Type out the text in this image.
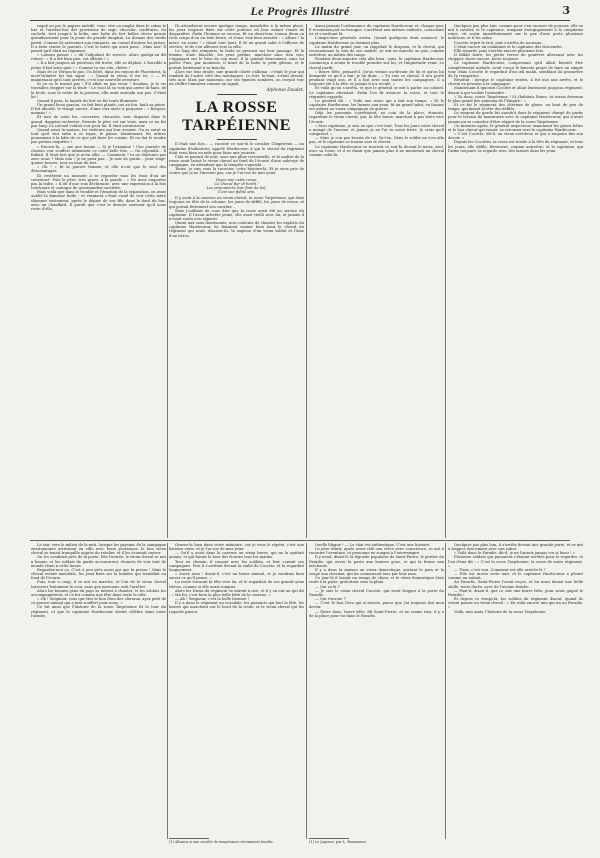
Le Progrès Illustré	3

raqué au pro le papyro anéidé, voue, vite ou emplir dans le cabas le bas et l'arrière-bas des provisions de sage, chocolat, confitures, du cachchi, tout jusqu'à la boîte, une boîte de fort belles vivres garnie grandissement pour la jeune du grande dauphin. La douane des vuidis partit. Comme ils arrivaient aux remparts, un consul d'entrer les prises. Il a faite renter le parents. C'est le mère qui avait pour... Mais nos! Il paraît qu'il était au régiment.

« Laissez passer ! » dit l'adjudant de service. Alors quelqu'un dit refuse : « Il a été bien pris, vot officier ! »

« Il a fait jusques au pourtour, dit trotte, elle se déploie. L'horrible à peine il fait tenir gaie ! » Comme tu vas vite, chérie !

Mais de ce Vérnon-là pas. Un hôtel, dans les rayons de Placement, la mort-Valmère fut fait signe : « Quand tu viens, il est ici. » — Et maintenant qu'il sont arrivés, c'est une nouvelle aventure.

Si on sa le travail pas ! S'il allait ne pas venir ! Soudain, je le vis travailler, frapper sur la foule ! Le voici là sa voix qui arrive là-haut, de la foule, sous la voûte de la poterne, elle avait entendu son pas. C'était lui !

Quand il para, la façade du fort en fut toute illuminée.

Un grand beau garçon, vu fait bien planté, cas au fou, fault sa génie. Il fut abordé, le visage ouvert, d'une voix aisée à purposer : « Bonjour, maman ! »

Et tout de suite les, couvertes, chaussés, tout disparut dans le grand, dappées-orchestre. Ensuite le père est sur trois, mais ce ne fut pas long. Le colonel voulait voir pour lui. Il était envahisseur.

Quand aussi la maison, les visiteurs qui leur avaient. On es entré sa tout qu'il vint enfin à ce repas, le palais. Maintenant, les arbres poussaient à la hâte de ce que pût faire les voisins. Et on dut le tendre par petites enquêtes !

« Encore-là, — me une bonne — Si je l'examine ! Une journée de chaises voir souffert infiniment ce cette belle fois. — Ou répondit... Il fuibait. Il était fort que je m'en allie. — Comment ? tu ne déjeunes pas avec nous ? Mais non ! je ne peux pas... Je suis de garde... pour vingt-quatre heures, tout au haut du fort.

« Oh ! » fit la pauvre femme, et elle n'eut que le seul des désavantages.

Ils restèrent un moment à se regarder tous les trois d'un air consterné. Puis le père, très grave, à la parole : « Ne nous emportes pas la boîte, » il dit d'une voix déchirante, avec une expression à la fois touchante et comique de gourmandise sacrifiée.

Mais voilà que dans le trouble et l'émotion de la séparation, on avait oublié la fameuse boîte ; et vraiment c'était cruel de voir cette mère tâtonner tristement, après le départ de son fils, dans le fond du bas, avec un chauffard. Il paraît que c'est le dernier souvenir qu'il nous reste d'elle.

Ils attendirent encore quelque temps, immobiles à la même place, les yeux toujours fixés sur cette poterne où leur enfant venait de disparaître. Enfin l'homme se secoua, fit un demi-tour, toussa deux ou trois coups d'un air très brave, et d'une voix bien assurée : « Allons ! la mère, en route ! » disait tout haut. Il fit un grand salut à l'officier de service, et ils s'en allèrent vers la ville.

Le long des remparts, la foule se pressait sur leur passage. Et la femme, toute blanche, les yeux perdus, marchait sans rien voir, s'appuyant sur le bras de son mari. Il la guidait doucement, sans lui parler. Puis, par moments, il tirait de la boîte le petit gâteau, et le portait lentement à sa bouche.

Alors sur leur droite, une grande clarté s'alluma : c'était le jour qui tombait de l'autre côté des montagnes. Le fort, là-haut, s'était dressé, très noir. Mais par moments, sur ses épaules sombres, on croyait voir un chiffre lumineux comme un signal.

Alphonse Daudet.
LA ROSSE TARPÉIENNE

Il était une fois... — raconte ce soir-là le cavalier Chapitreux — un capitaine d'infanterie, appelé Hardecœur, à qui le cheval du régiment était venu bien en aide pour faire une journée.

Cela se passait de nuit, sous une pluie torrentielle, et le maître de la rosse avait laissé le vieux cheval au fond de l'écurie d'une auberge de campagne, en attendant que la tempête s'apaisât...

Tenez, je vais vous la raconter, cette histoire-là. Et je vous prie de croire que je ne l'invente pas, car je l'ai vue de mes yeux.

Voyez-moi cette rosse,
Ce cheval fier et hardi !
Les prisonniers leur font de bol,
C'est son fidèle ami.

Il y avait à la caserne un vieux cheval, la rosse Tarpéienne, qui était toujours en tête de la colonne, les jours de défilé, les jours de revue, et qui portait fièrement son cavalier...

Mais j'oubliais de vous dire que la rosse avait été au service du capitaine. Il l'avait achetée jeune, elle avait vieilli avec lui, et jamais il n'avait voulu s'en séparer.

Quant aux sous-lieutenants, non contents de chanter les exploits du capitaine Hardecœur, ils faisaient sonner bien haut le cheval du régiment qui avait, disaient-ils, la sagesse d'un vieux soldat et l'âme d'un héros.

Aussi pensait l'ordonnance du capitaine Hardecœur, et, chaque jour, il recommençait sa besogne, s'arrêtant aux mêmes endroits, caracolant ici et s'arrêtant là.

L'inspection générale arriva. Quand quelqu'un était annoncé, le capitaine Hardecœur se dormait plus.

Le matin du grand jour, on rappelait le drapeau, et le cheval, qui reconnaissait la voix de son maître, se mit en marche au pas, comme autrefois, au milieu des rangs.

Pendant deux minutes cela alla bien : puis, le capitaine Hardecœur commença à sentir le trouble prendre sur lui, et l'inquiétude venir. Le cheval partit.

« Brave bête, pensait-il. Qu'on vienne au-devant de lui et qu'on lui demande ce qu'il a fait, je lui dirai : « Tu vois ce cheval, il m'a porté pendant vingt ans, et il a fait avec moi toutes les campagnes, il a toujours été à la tête, et jamais il n'a reculé. »

Et voilà qu'on s'arrêta, et que le général se mit à parler au colonel. Le capitaine attendait. Enfin l'on fit avancer la rosse, et tout le régiment regarda.

Le général dit : « Voilà une rosse qui a fait son temps. » Et le capitaine Hardecœur, les larmes aux yeux, fit un grand salut, en faisant ses adieux au vieux compagnon de guerre.

Déjà les passants s'arrêtaient, au coin de la place, étonnés, regardant le vieux cheval, qui, la tête basse, marchait à pas lents vers l'écurie.

« Mon capitaine, je suis au que c'est tout. Tous les jours votre cheval a mangé de l'avoine, et jamais je ne l'ai vu aussi triste. Je crois qu'il comprend. »

— Mais je n'ai pas besoin de toi. Va-t'en. Mais le soldat ne s'en alla pas, et le capitaine se tourna vers le cheval.

Le capitaine Hardecœur se trouvait ce soir-là devant le mess, seul, avec sa rosse, et il se disait que jamais plus il ne monterait un cheval comme celui-là.

Quelques pas plus loin, comme pour s'en excuser de pousser, elle se mit à cavaler, et le capitaine, rompant énergiquement à la cinquième reine, vit sortir immédiatement sur le pas d'une porte plusieurs miliciens, et il les salua.

Cocotte reprit le trot, puis s'arrêta de nouveau.

C'était encore un estaminet et le capitaine dut descendre.

Elle repartit, puis s'arrêta encore plusieurs fois.

Il fallait boire, les petits verres de genièvre alternant avec les choppes, boire encore, boire toujours.

Le capitaine Hardecœur, comprenant qu'il allait bientôt être complètement malade, avait conçu le funeste projet de faire un simple tour. Mais Cocotte le regardait d'un œil malin, semblant lui promettre de l'y remporter...

Résultat : lorsque le capitaine rentra, il fut mis aux arrêts, et le cheval en pension à la campagne.

Maintenant il ignorait Cocotte et allait lentement jusqu'au régiment, disant à qui voulait l'entendre :

« Va donc, rosse Tarpéienne ! Si j'habitais Rome, tu serais devenue le plus grand des animaux de l'Empire ! »

Et ce fut le régiment des chevaux de gloire, au bout de peu de temps, qui faisait la tête des défilés.

Le sergent de garde fut aussitôt dans le régiment chargé de partir pour le terrain de manœuvre avec le capitaine Hardecœur, qui n'avait jamais pu se consoler d'être séparé de la rosse Tarpéienne.

Un minutes après, le général inspecteur, examinant les grises bêtes et le bon cheval qui venait, se retourna vers le capitaine Hardecœur.

« C'est Cocotte, dit-il, un vieux serviteur, et qui a toujours fait son devoir. »

Depuis les Cocottes, la rosse est restée à la tête du régiment, et tous les jours, elle défile, fièrement, comme autrefois, et le capitaine, qui l'aime toujours, la regarde avec des larmes dans les yeux.

Le soir, vers le milieu de la nuit, lorsque les paysans de la campagne environnante arrivaient en ville avec leurs provisions, le bon vieux cheval se tenait tranquille auprès du ratelier, et il les écoutait causer.

On les conduisit près de la porte. Dès l'entrée, le vieux cheval se mit à hennir, et les soldats de garde accoururent, étonnés de voir tant de monde réuni à cette heure.

Regardez-moi ça. C'est à peu près aussi gai que la prison ! Mais le cheval restait immobile, les yeux fixés sur la lumière qui tremblait au fond de l'écurie.

Puis, tout à coup, il se mit en marche, et l'on vit le vieux cheval traverser lentement la cour, sans que personne osât l'arrêter.

Alors les bonnes gens du pays se mirent à chanter, et les soldats les accompagnèrent, et ce fut comme une fête dans toute la ville.

« Oh ! Seigneur, vous qui êtes le bon Dieu des chevaux, ayez pitié de ce pauvre animal qui a tant souffert pour nous. »

Ce fut ainsi que l'histoire de la rosse Tarpéienne fit le tour du régiment, et que le capitaine Hardecœur devint célèbre dans toute l'armée.

Gravez-le bien dans votre mémoire, car je vous le répète, c'est une histoire vraie, et je l'ai vue de mes yeux.

— Qu'il y avait dans la caserne un vieux brave, qui ne la quittait jamais, et qui faisait le tour des écuries tous les matins.

Tout en chemin, il causait avec les soldats, et leur contait ses campagnes. Puis il s'arrêtait devant la stalle de Cocotte, et la regardait longuement.

« Sacré nom ! disait-il, c'est un brave animal, et je voudrais bien savoir ce qu'il pense. »

La rosse tournait la tête vers lui, et le regardait de ses grands yeux tristes, comme si elle avait compris.

Alors les Dieux du régiment se mirent à rire, et il y en eut un qui dit : « Ma foi, c'est bien la plus belle bête de la caserne. »

— Ah ! Seigneur, c'est la belle histoire !

Il y a dans le régiment un scandale, les passants qui font la fête, les barres qui marchent sur le bord de la route, et le vieux cheval qui les regarde passer.

Quelle blague ! — Le chat est authentique. C'est une histoire.

Le père Martí, après avoir vidé son verre avec conscience, se mit à raconter l'aventure, et personne ne songea à l'interrompre.

Il y avait, disait-il, la légende populaire de Saint-Pierre, le portier du Paradis, qui ouvre la porte aux bonnes gens, et qui la ferme aux méchants.

Il y a dans la maison un vieux domestique, portant le pain et la soupe aux chevaux, qui les connaissait tous par leur nom.

Ce jour-là il faisait un temps de chien, et le vieux domestique était resté à la porte, grelottant sous la pluie.

— Qui va là ?

— Je suis le vieux cheval Cocotte, qui vient frapper à la porte du Paradis.

— Qui t'envoie ?

— C'est le bon Dieu qui m'envoie, parce que j'ai toujours fait mon devoir.

— Entre donc, brave bête, dit Saint-Pierre, et ne crains rien, il y a de la place pour toi dans le Paradis.

Quelques pas plus loin, il s'arrêta devant une grande porte, et se mit à frapper doucement avec son sabot.

« Voilà donc le Paradis, dit-il, je ne l'aurais jamais cru si beau ! »

Plusieurs soldats qui passaient s'étaient arrêtés pour le regarder, et l'un d'eux dit : « C'est la rosse Tarpéienne, la rosse de notre régiment. »

— Tiens, c'est vrai. Comment est-elle arrivée là ?

— Elle est morte cette nuit, et le capitaine Hardecœur a pleuré comme un enfant.

Au Paradis, Saint-Pierre l'avait reçue, et lui avait donné une belle stalle, toute dorée, avec de l'avoine fraîche.

— Faut-il, disait-il, que ce soit une brave bête, pour avoir gagné le Paradis !

Et depuis ce temps-là, les soldats du régiment disent, quand ils voient passer un vieux cheval : « En voilà encore une qui ira au Paradis. »

Voilà, mes amis, l'histoire de la rosse Tarpéienne.

(1) Allusion à une société de tempérance récemment fondée.	(1) Le Jugeuse, par L. Roumanou.
